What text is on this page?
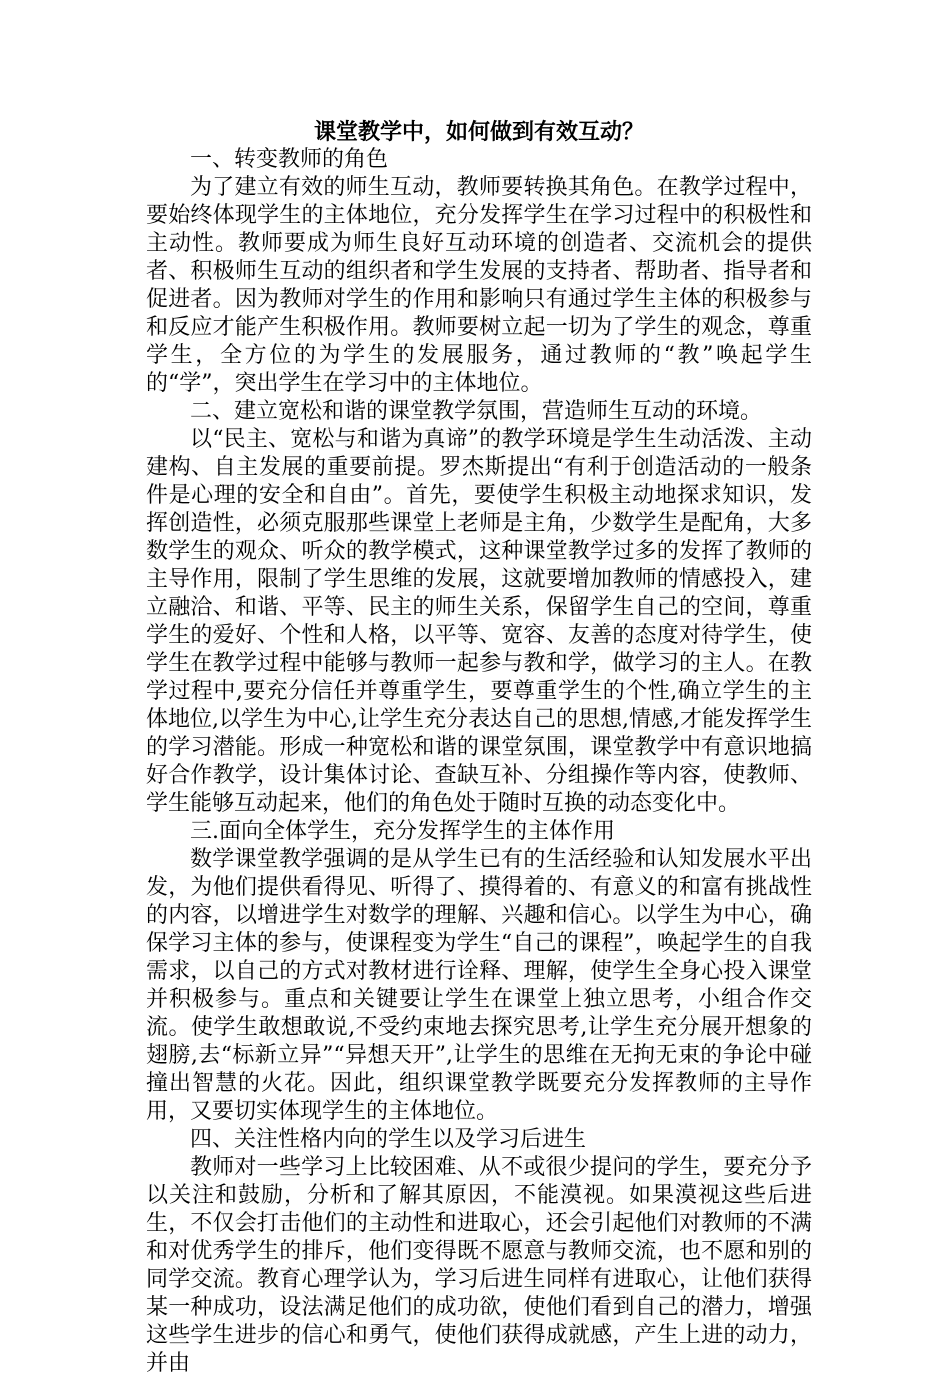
课堂教学中，如何做到有效互动？

一、转变教师的角色

为了建立有效的师生互动，教师要转换其角色。在教学过程中，要始终体现学生的主体地位，充分发挥学生在学习过程中的积极性和主动性。教师要成为师生良好互动环境的创造者、交流机会的提供者、积极师生互动的组织者和学生发展的支持者、帮助者、指导者和促进者。因为教师对学生的作用和影响只有通过学生主体的积极参与和反应才能产生积极作用。教师要树立起一切为了学生的观念，尊重学生，全方位的为学生的发展服务，通过教师的“教”唤起学生的“学”，突出学生在学习中的主体地位。

二、建立宽松和谐的课堂教学氛围，营造师生互动的环境。

以“民主、宽松与和谐为真谛”的教学环境是学生生动活泼、主动建构、自主发展的重要前提。罗杰斯提出“有利于创造活动的一般条件是心理的安全和自由”。首先，要使学生积极主动地探求知识，发挥创造性，必须克服那些课堂上老师是主角，少数学生是配角，大多数学生的观众、听众的教学模式，这种课堂教学过多的发挥了教师的主导作用，限制了学生思维的发展，这就要增加教师的情感投入，建立融洽、和谐、平等、民主的师生关系，保留学生自己的空间，尊重学生的爱好、个性和人格，以平等、宽容、友善的态度对待学生，使学生在教学过程中能够与教师一起参与教和学，做学习的主人。在教学过程中,要充分信任并尊重学生，要尊重学生的个性,确立学生的主体地位,以学生为中心,让学生充分表达自己的思想,情感,才能发挥学生的学习潜能。形成一种宽松和谐的课堂氛围，课堂教学中有意识地搞好合作教学，设计集体讨论、查缺互补、分组操作等内容，使教师、学生能够互动起来，他们的角色处于随时互换的动态变化中。

三.面向全体学生，充分发挥学生的主体作用

数学课堂教学强调的是从学生已有的生活经验和认知发展水平出发，为他们提供看得见、听得了、摸得着的、有意义的和富有挑战性的内容，以增进学生对数学的理解、兴趣和信心。以学生为中心，确保学习主体的参与，使课程变为学生“自己的课程”，唤起学生的自我需求，以自己的方式对教材进行诠释、理解，使学生全身心投入课堂并积极参与。重点和关键要让学生在课堂上独立思考，小组合作交流。使学生敢想敢说,不受约束地去探究思考,让学生充分展开想象的翅膀,去“标新立异”“异想天开”,让学生的思维在无拘无束的争论中碰撞出智慧的火花。因此，组织课堂教学既要充分发挥教师的主导作用，又要切实体现学生的主体地位。

四、关注性格内向的学生以及学习后进生

教师对一些学习上比较困难、从不或很少提问的学生，要充分予以关注和鼓励，分析和了解其原因，不能漠视。如果漠视这些后进生，不仅会打击他们的主动性和进取心，还会引起他们对教师的不满和对优秀学生的排斥，他们变得既不愿意与教师交流，也不愿和别的同学交流。教育心理学认为，学习后进生同样有进取心，让他们获得某一种成功，设法满足他们的成功欲，使他们看到自己的潜力，增强这些学生进步的信心和勇气，使他们获得成就感，产生上进的动力，并由
